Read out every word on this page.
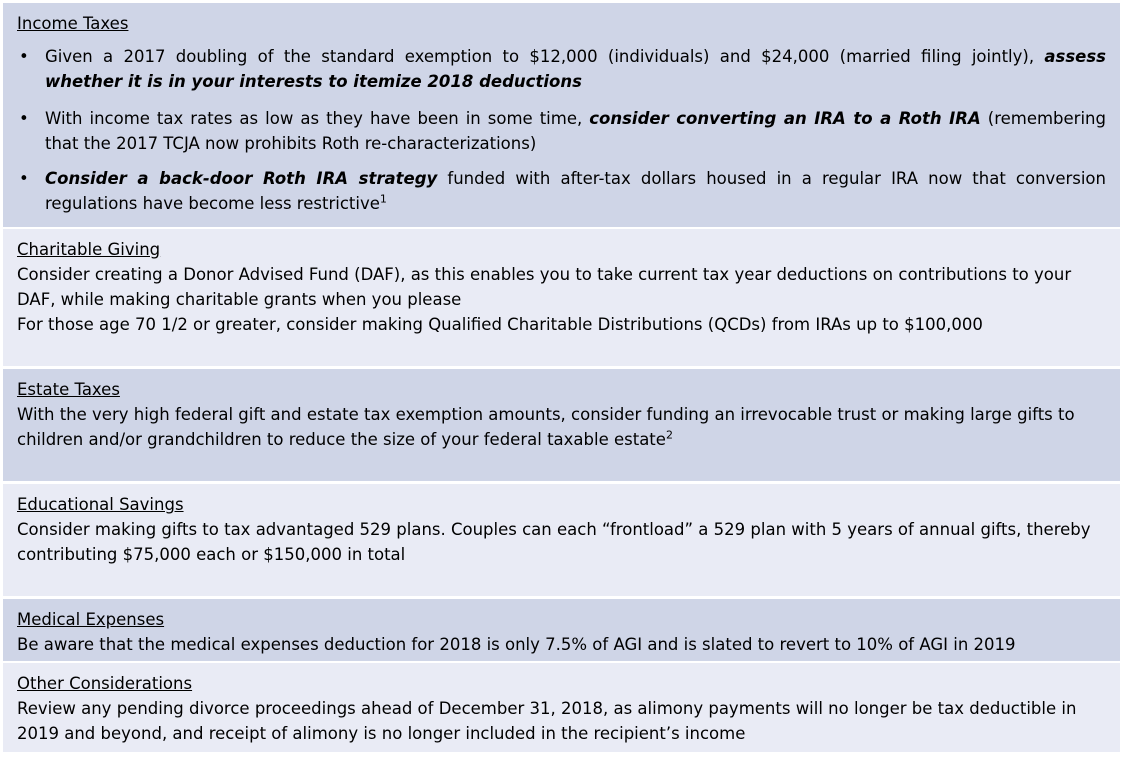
Income Taxes
• Given a 2017 doubling of the standard exemption to $12,000 (individuals) and $24,000 (married filing jointly), assess whether it is in your interests to itemize 2018 deductions
• With income tax rates as low as they have been in some time, consider converting an IRA to a Roth IRA (remembering that the 2017 TCJA now prohibits Roth re-characterizations)
• Consider a back-door Roth IRA strategy funded with after-tax dollars housed in a regular IRA now that conversion regulations have become less restrictive$^1$
Charitable Giving

Consider creating a Donor Advised Fund (DAF), as this enables you to take current tax year deductions on contributions to your DAF, while making charitable grants when you please

For those age 70 1/2 or greater, consider making Qualified Charitable Distributions (QCDs) from IRAs up to $100,000

Estate Taxes

With the very high federal gift and estate tax exemption amounts, consider funding an irrevocable trust or making large gifts to children and/or grandchildren to reduce the size of your federal taxable estate$^2$

Educational Savings

Consider making gifts to tax advantaged 529 plans. Couples can each “frontload” a 529 plan with 5 years of annual gifts, thereby contributing $75,000 each or $150,000 in total

Medical Expenses

Be aware that the medical expenses deduction for 2018 is only 7.5% of AGI and is slated to revert to 10% of AGI in 2019

Other Considerations

Review any pending divorce proceedings ahead of December 31, 2018, as alimony payments will no longer be tax deductible in 2019 and beyond, and receipt of alimony is no longer included in the recipient’s income
